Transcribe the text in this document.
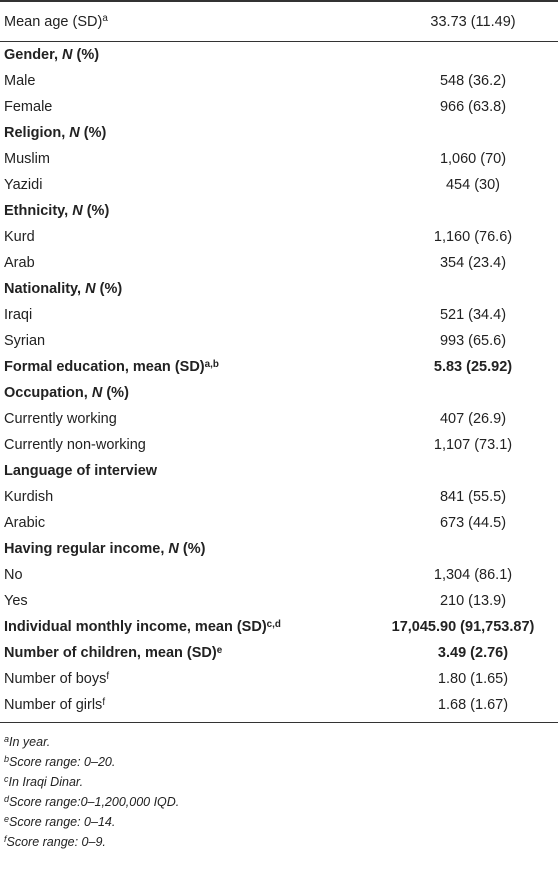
Mean age (SD)$^a$	33.73 (11.49)
Gender, N (%)
Male	548 (36.2)
Female	966 (63.8)
Religion, N (%)
Muslim	1,060 (70)
Yazidi	454 (30)
Ethnicity, N (%)
Kurd	1,160 (76.6)
Arab	354 (23.4)
Nationality, N (%)
Iraqi	521 (34.4)
Syrian	993 (65.6)
Formal education, mean (SD)$^{a,b}$	5.83 (25.92)
Occupation, N (%)
Currently working	407 (26.9)
Currently non-working	1,107 (73.1)
Language of interview
Kurdish	841 (55.5)
Arabic	673 (44.5)
Having regular income, N (%)
No	1,304 (86.1)
Yes	210 (13.9)
Individual monthly income, mean (SD)$^{c,d}$	17,045.90 (91,753.87)
Number of children, mean (SD)$^e$	3.49 (2.76)
Number of boys$^f$	1.80 (1.65)
Number of girls$^f$	1.68 (1.67)
$^a$In year.
$^b$Score range: 0–20.
$^c$In Iraqi Dinar.
$^d$Score range:0–1,200,000 IQD.
$^e$Score range: 0–14.
$^f$Score range: 0–9.
